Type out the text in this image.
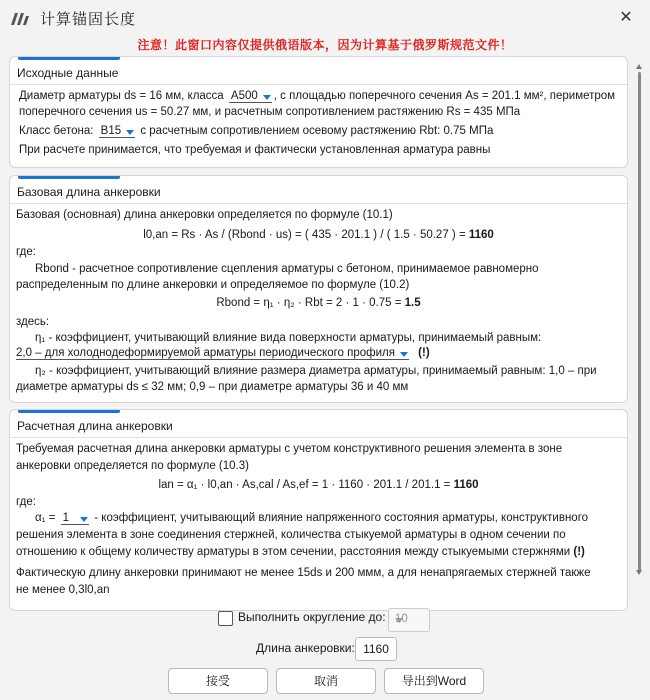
计算锚固长度	✕
注意！此窗口内容仅提供俄语版本，因为计算基于俄罗斯规范文件！
Исходные данные
Диаметр арматуры ds = 16 мм, класса A500 , с площадью поперечного сечения As = 201.1 мм², периметром
поперечного сечения us = 50.27 мм, и расчетным сопротивлением растяжению Rs = 435 МПа
Класс бетона: B15 с расчетным сопротивлением осевому растяжению Rbt: 0.75 МПа
При расчете принимается, что требуемая и фактически установленная арматура равны
Базовая длина анкеровки
Базовая (основная) длина анкеровки определяется по формуле (10.1)
l0,an = Rs · As / (Rbond · us) = ( 435 · 201.1 ) / ( 1.5 · 50.27 ) = 1160
где:
Rbond - расчетное сопротивление сцепления арматуры с бетоном, принимаемое равномерно
распределенным по длине анкеровки и определяемое по формуле (10.2)
Rbond = η₁ · η₂ · Rbt = 2 · 1 · 0.75 = 1.5
здесь:
η₁ - коэффициент, учитывающий влияние вида поверхности арматуры, принимаемый равным:
2,0 – для холоднодеформируемой арматуры периодического профиля (!)
η₂ - коэффициент, учитывающий влияние размера диаметра арматуры, принимаемый равным: 1,0 – при
диаметре арматуры ds ≤ 32 мм; 0,9 – при диаметре арматуры 36 и 40 мм
Расчетная длина анкеровки
Требуемая расчетная длина анкеровки арматуры с учетом конструктивного решения элемента в зоне
анкеровки определяется по формуле (10.3)
lan = α₁ · l0,an · As,cal / As,ef = 1 · 1160 · 201.1 / 201.1 = 1160
где:
α₁ = 1 - коэффициент, учитывающий влияние напряженного состояния арматуры, конструктивного
решения элемента в зоне соединения стержней, количества стыкуемой арматуры в одном сечении по
отношению к общему количеству арматуры в этом сечении, расстояния между стыкуемыми стержнями (!)
Фактическую длину анкеровки принимают не менее 15ds и 200 ммм, а для ненапрягаемых стержней также
не менее 0,3l0,an
Выполнить округление до: 10
Длина анкеровки: 1160
接受	取消	导出到Word
